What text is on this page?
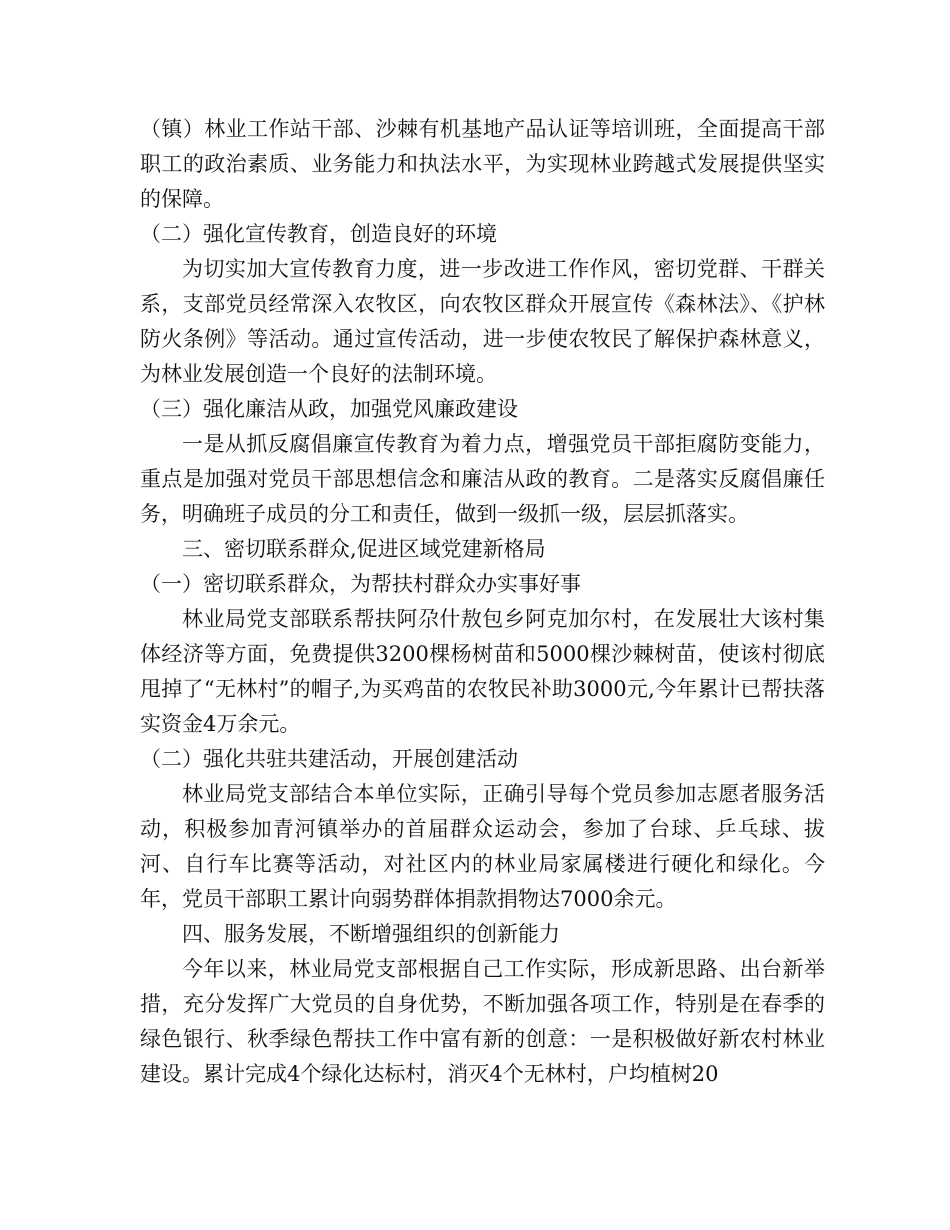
（镇）林业工作站干部、沙棘有机基地产品认证等培训班，全面提高干部职工的政治素质、业务能力和执法水平，为实现林业跨越式发展提供坚实的保障。

（二）强化宣传教育，创造良好的环境

为切实加大宣传教育力度，进一步改进工作作风，密切党群、干群关系，支部党员经常深入农牧区，向农牧区群众开展宣传《森林法》、《护林防火条例》等活动。通过宣传活动，进一步使农牧民了解保护森林意义，为林业发展创造一个良好的法制环境。

（三）强化廉洁从政，加强党风廉政建设

一是从抓反腐倡廉宣传教育为着力点，增强党员干部拒腐防变能力，重点是加强对党员干部思想信念和廉洁从政的教育。二是落实反腐倡廉任务，明确班子成员的分工和责任，做到一级抓一级，层层抓落实。

三、密切联系群众,促进区域党建新格局

（一）密切联系群众，为帮扶村群众办实事好事

林业局党支部联系帮扶阿尕什敖包乡阿克加尔村，在发展壮大该村集体经济等方面，免费提供3200棵杨树苗和5000棵沙棘树苗，使该村彻底甩掉了“无林村”的帽子,为买鸡苗的农牧民补助3000元,今年累计已帮扶落实资金4万余元。

（二）强化共驻共建活动，开展创建活动

林业局党支部结合本单位实际，正确引导每个党员参加志愿者服务活动，积极参加青河镇举办的首届群众运动会，参加了台球、乒乓球、拔河、自行车比赛等活动，对社区内的林业局家属楼进行硬化和绿化。今年，党员干部职工累计向弱势群体捐款捐物达7000余元。

四、服务发展，不断增强组织的创新能力

今年以来，林业局党支部根据自己工作实际，形成新思路、出台新举措，充分发挥广大党员的自身优势，不断加强各项工作，特别是在春季的绿色银行、秋季绿色帮扶工作中富有新的创意：一是积极做好新农村林业建设。累计完成4个绿化达标村，消灭4个无林村，户均植树20
